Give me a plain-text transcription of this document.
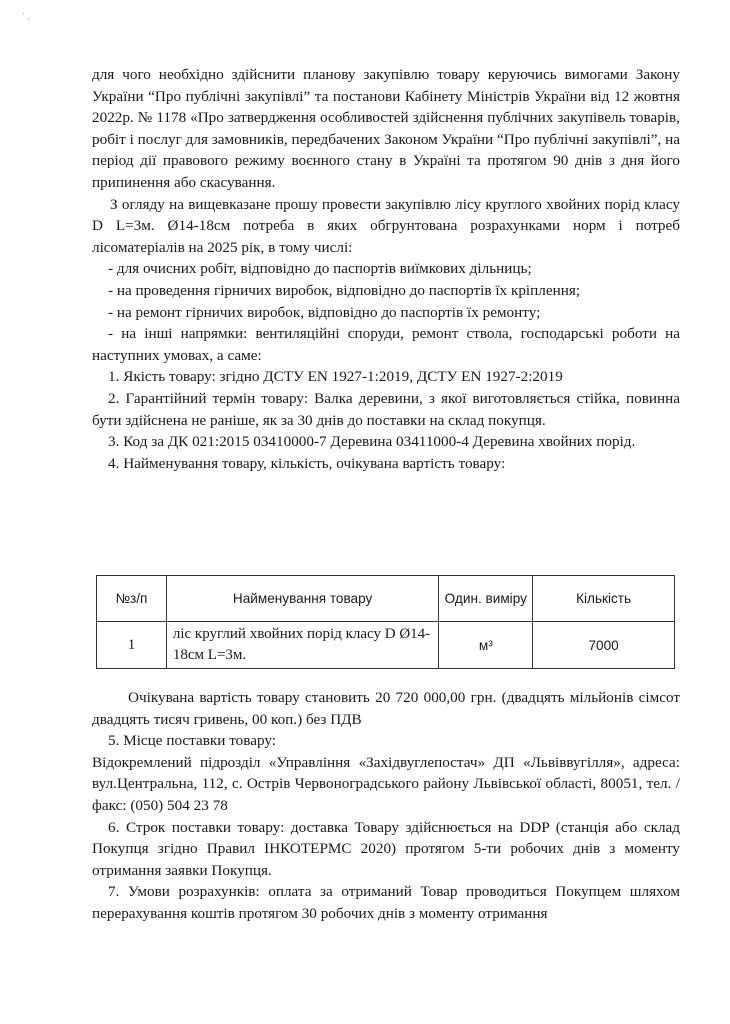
' ,

для чого необхідно здійснити планову закупівлю товару керуючись вимогами Закону України “Про публічні закупівлі” та постанови Кабінету Міністрів України від 12 жовтня 2022р. № 1178 «Про затвердження особливостей здійснення публічних закупівель товарів, робіт і послуг для замовників, передбачених Законом України “Про публічні закупівлі”, на період дії правового режиму воєнного стану в Україні та протягом 90 днів з дня його припинення або скасування.

З огляду на вищевказане прошу провести закупівлю лісу круглого хвойних порід класу D L=3м. Ø14-18см потреба в яких обгрунтована розрахунками норм і потреб лісоматеріалів на 2025 рік, в тому числі:

- для очисних робіт, відповідно до паспортів виїмкових дільниць;

- на проведення гірничих виробок, відповідно до паспортів їх кріплення;

- на ремонт гірничих виробок, відповідно до паспортів їх ремонту;

- на інші напрямки: вентиляційні споруди, ремонт ствола, господарські роботи на наступних умовах, а саме:

1. Якість товару: згідно ДСТУ EN 1927-1:2019, ДСТУ EN 1927-2:2019

2. Гарантійний термін товару: Валка деревини, з якої виготовляється стійка, повинна бути здійснена не раніше, як за 30 днів до поставки на склад покупця.

3. Код за ДК 021:2015 03410000-7 Деревина 03411000-4 Деревина хвойних порід.

4. Найменування товару, кількість, очікувана вартість товару:

№з/п	Найменування товару	Один. виміру	Кількість
1	ліс круглий хвойних порід класу D Ø14-18см L=3м.	м³	7000

Очікувана вартість товару становить 20 720 000,00 грн. (двадцять мільйонів сімсот двадцять тисяч гривень, 00 коп.) без ПДВ

5. Місце поставки товару:

Відокремлений підрозділ «Управління «Західвуглепостач» ДП «Львіввугілля», адреса: вул.Центральна, 112, с. Острів Червоноградського району Львівської області, 80051, тел. /факс: (050) 504 23 78

6. Строк поставки товару: доставка Товару здійснюється на DDP (станція або склад Покупця згідно Правил ІНКОТЕРМС 2020) протягом 5-ти робочих днів з моменту отримання заявки Покупця.

7. Умови розрахунків: оплата за отриманий Товар проводиться Покупцем шляхом перерахування коштів протягом 30 робочих днів з моменту отримання
